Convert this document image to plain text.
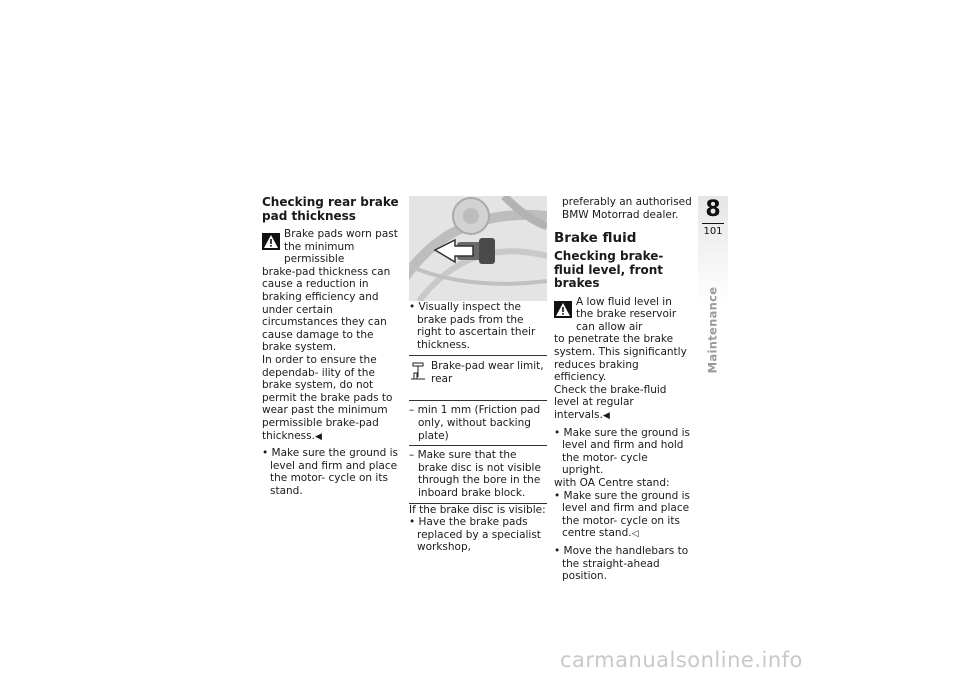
Checking rear brake pad thickness

Brake pads worn past the minimum permissible

brake-pad thickness can cause a reduction in braking efficiency and under certain circumstances they can cause damage to the brake system.

In order to ensure the dependab- ility of the brake system, do not permit the brake pads to wear past the minimum permissible brake-pad thickness.◀

• Make sure the ground is level and firm and place the motor- cycle on its stand.

• Visually inspect the brake pads from the right to ascertain their thickness.

Brake-pad wear limit, rear

– min 1 mm (Friction pad only, without backing plate)

– Make sure that the brake disc is not visible through the bore in the inboard brake block.

If the brake disc is visible:

• Have the brake pads replaced by a specialist workshop,

preferably an authorised BMW Motorrad dealer.

Brake fluid
Checking brake-fluid level, front brakes

A low fluid level in the brake reservoir can allow air

to penetrate the brake system. This significantly reduces braking efficiency.

Check the brake-fluid level at regular intervals.◀

• Make sure the ground is level and firm and hold the motor- cycle upright.

with OA Centre stand:

• Make sure the ground is level and firm and place the motor- cycle on its centre stand.◁

• Move the handlebars to the straight-ahead position.

8
101
Maintenance
carmanualsonline.info
